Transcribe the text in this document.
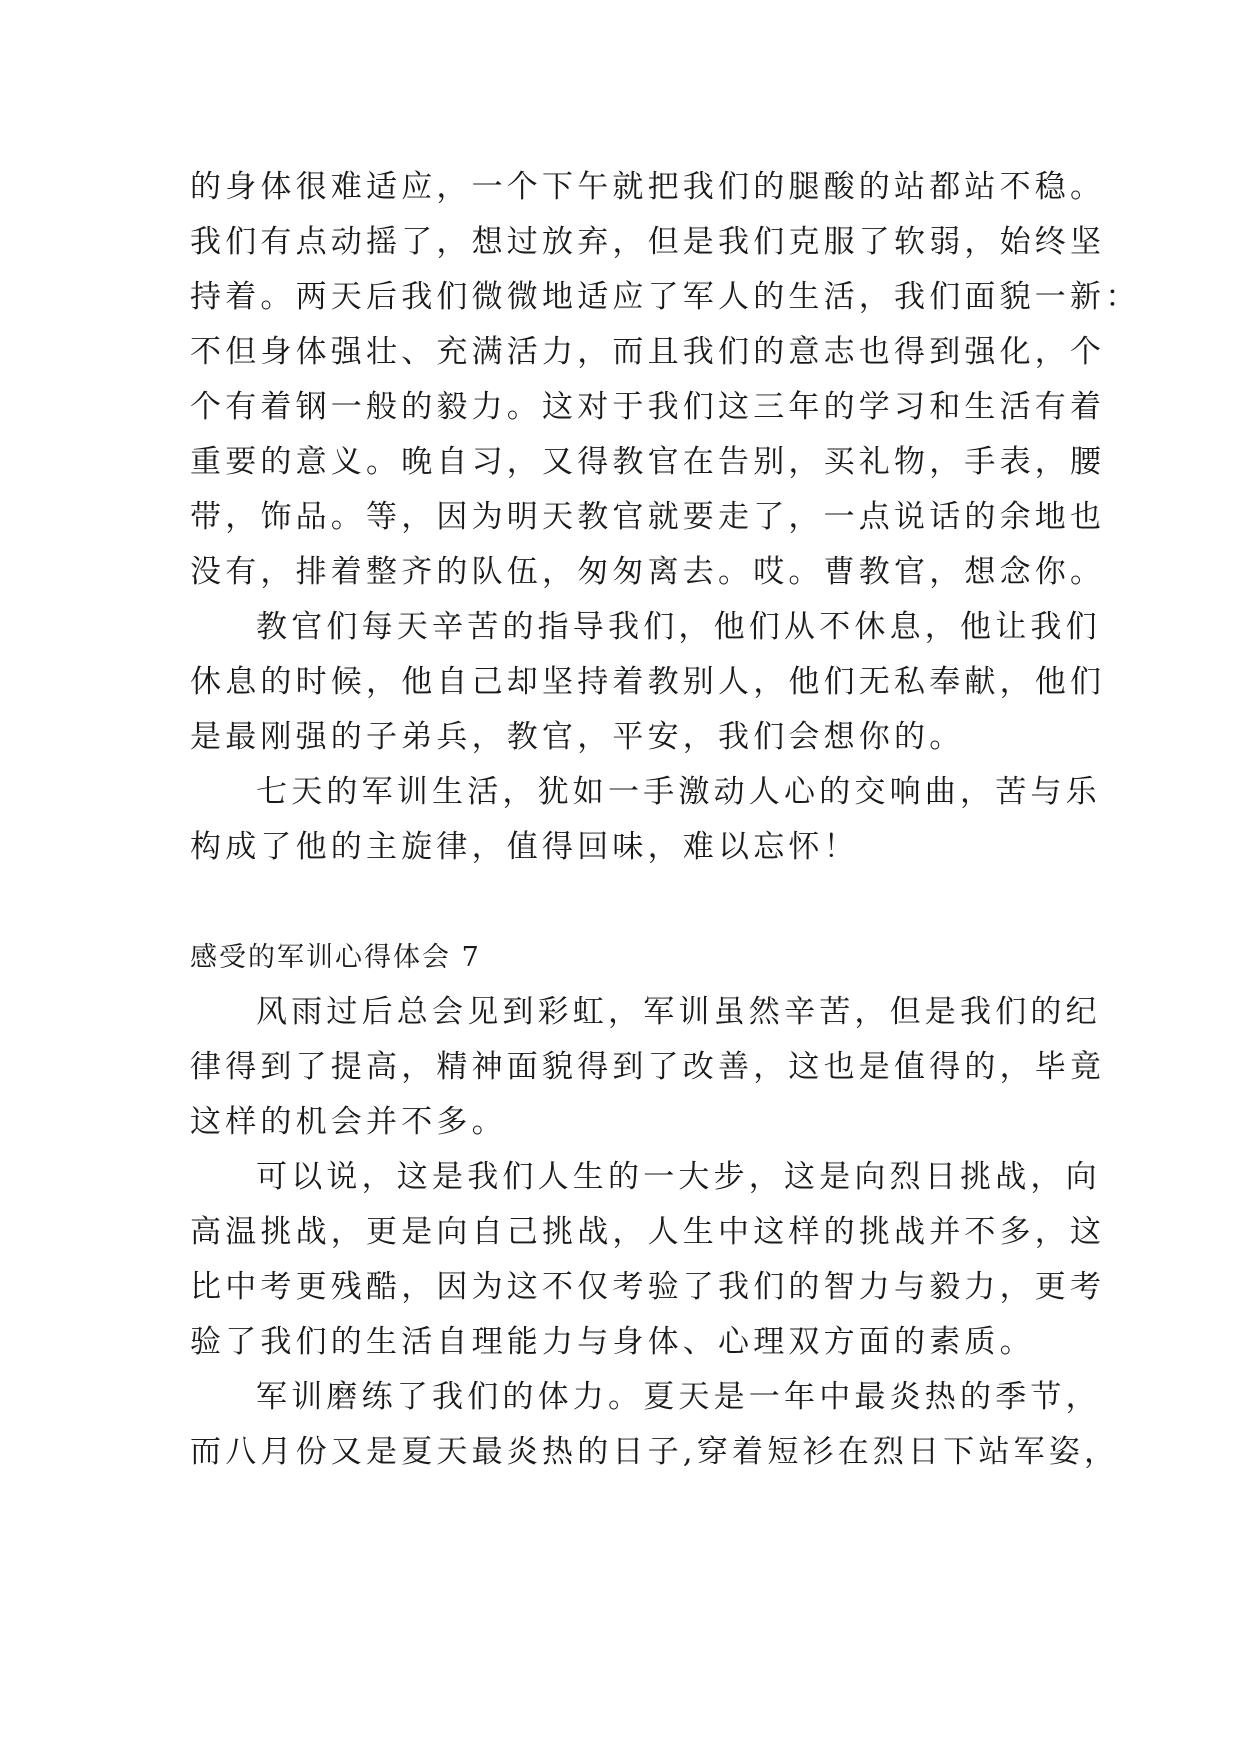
的身体很难适应，一个下午就把我们的腿酸的站都站不稳。
我们有点动摇了，想过放弃，但是我们克服了软弱，始终坚
持着。两天后我们微微地适应了军人的生活，我们面貌一新：
不但身体强壮、充满活力，而且我们的意志也得到强化，个
个有着钢一般的毅力。这对于我们这三年的学习和生活有着
重要的意义。晚自习，又得教官在告别，买礼物，手表，腰
带，饰品。等，因为明天教官就要走了，一点说话的余地也
没有，排着整齐的队伍，匆匆离去。哎。曹教官，想念你。
教官们每天辛苦的指导我们，他们从不休息，他让我们
休息的时候，他自己却坚持着教别人，他们无私奉献，他们
是最刚强的子弟兵，教官，平安，我们会想你的。
七天的军训生活，犹如一手激动人心的交响曲，苦与乐
构成了他的主旋律，值得回味，难以忘怀！
感受的军训心得体会 7
风雨过后总会见到彩虹，军训虽然辛苦，但是我们的纪
律得到了提高，精神面貌得到了改善，这也是值得的，毕竟
这样的机会并不多。
可以说，这是我们人生的一大步，这是向烈日挑战，向
高温挑战，更是向自己挑战，人生中这样的挑战并不多，这
比中考更残酷，因为这不仅考验了我们的智力与毅力，更考
验了我们的生活自理能力与身体、心理双方面的素质。
军训磨练了我们的体力。夏天是一年中最炎热的季节，
而八月份又是夏天最炎热的日子,穿着短衫在烈日下站军姿，
